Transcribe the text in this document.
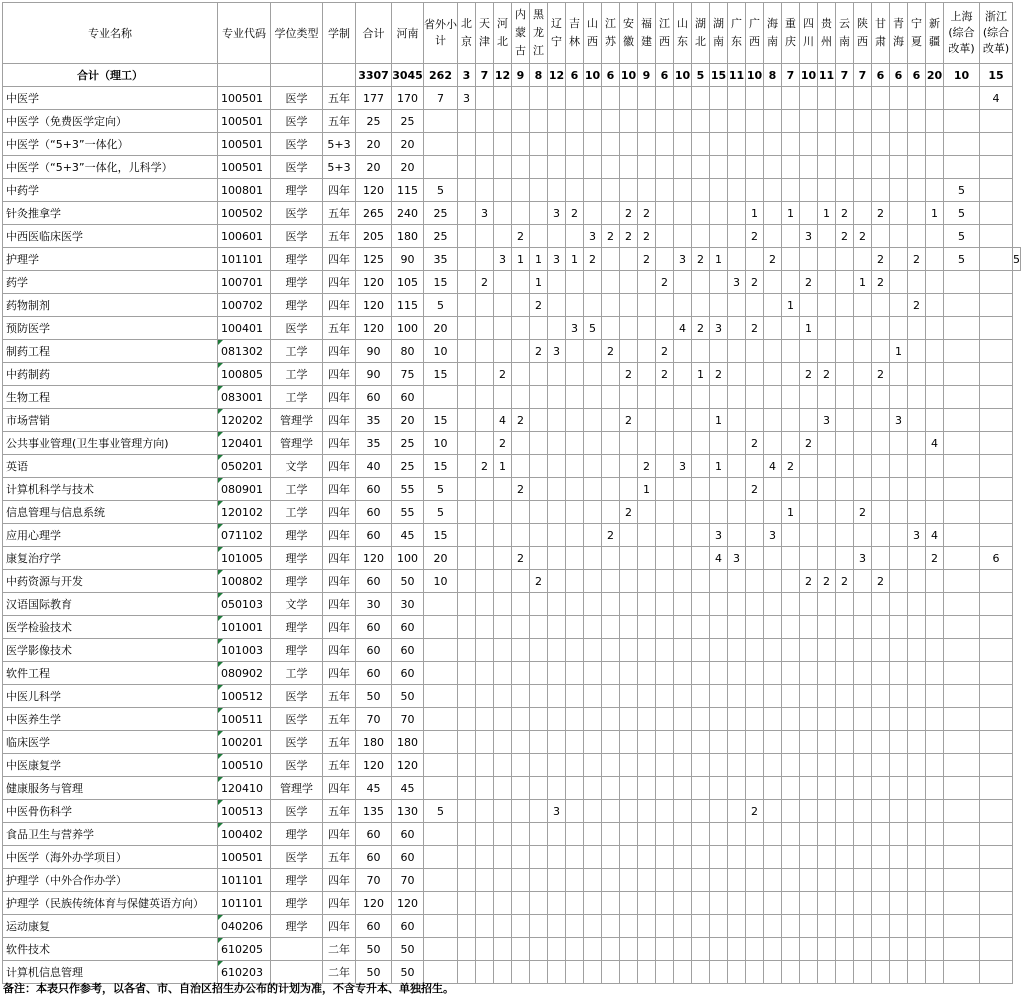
专业名称	专业代码	学位类型	学制	合计	河南	省外小计	北京	天津	河北	内蒙古	黑龙江	辽宁	吉林	山西	江苏	安徽	福建	江西	山东	湖北	湖南	广东	广西	海南	重庆	四川	贵州	云南	陕西	甘肃	青海	宁夏	新疆	上海(综合改革)	浙江(综合改革)	
合计（理工）				3307	3045	262	3	7	12	9	8	12	6	10	6	10	9	6	10	5	15	11	10	8	7	10	11	7	7	6	6	6	20	10	15	
中医学	100501	医学	五年	177	170	7	3																												4	
中医学（免费医学定向）	100501	医学	五年	25	25																															
中医学（“5+3”一体化）	100501	医学	5+3	20	20																															
中医学（“5+3”一体化，儿科学）	100501	医学	5+3	20	20																															
中药学	100801	理学	四年	120	115	5																												5		
针灸推拿学	100502	医学	五年	265	240	25		3				3	2			2	2						1		1		1	2		2			1	5		
中西医临床医学	100601	医学	五年	205	180	25				2				3	2	2	2						2			3		2	2					5		
护理学	101101	理学	四年	125	90	35			3	1	1	3	1	2			2		3	2	1			2						2		2		5		5
药学	100701	理学	四年	120	105	15		2			1							2				3	2			2			1	2						
药物制剂	100702	理学	四年	120	115	5					2														1							2				
预防医学	100401	医学	五年	120	100	20							3	5					4	2	3		2			1										
制药工程	081302	工学	四年	90	80	10					2	3			2			2													1					
中药制药	100805	工学	四年	90	75	15			2							2		2		1	2					2	2			2						
生物工程	083001	工学	四年	60	60																															
市场营销	120202	管理学	四年	35	20	15			4	2						2					1						3				3					
公共事业管理(卫生事业管理方向)	120401	管理学	四年	35	25	10			2														2			2							4			
英语	050201	文学	四年	40	25	15		2	1								2		3		1			4	2											
计算机科学与技术	080901	工学	四年	60	55	5				2							1						2													
信息管理与信息系统	120102	工学	四年	60	55	5										2									1				2							
应用心理学	071102	理学	四年	60	45	15									2						3			3								3	4			
康复治疗学	101005	理学	四年	120	100	20				2											4	3							3				2		6	
中药资源与开发	100802	理学	四年	60	50	10					2															2	2	2		2						
汉语国际教育	050103	文学	四年	30	30																															
医学检验技术	101001	理学	四年	60	60																															
医学影像技术	101003	理学	四年	60	60																															
软件工程	080902	工学	四年	60	60																															
中医儿科学	100512	医学	五年	50	50																															
中医养生学	100511	医学	五年	70	70																															
临床医学	100201	医学	五年	180	180																															
中医康复学	100510	医学	五年	120	120																															
健康服务与管理	120410	管理学	四年	45	45																															
中医骨伤科学	100513	医学	五年	135	130	5						3											2													
食品卫生与营养学	100402	理学	四年	60	60																															
中医学（海外办学项目）	100501	医学	五年	60	60																															
护理学（中外合作办学）	101101	理学	四年	70	70																															
护理学（民族传统体育与保健英语方向）	101101	理学	四年	120	120																															
运动康复	040206	理学	四年	60	60																															
软件技术	610205		二年	50	50																															
计算机信息管理	610203		二年	50	50																															
备注：本表只作参考，以各省、市、自治区招生办公布的计划为准，不含专升本、单独招生。
